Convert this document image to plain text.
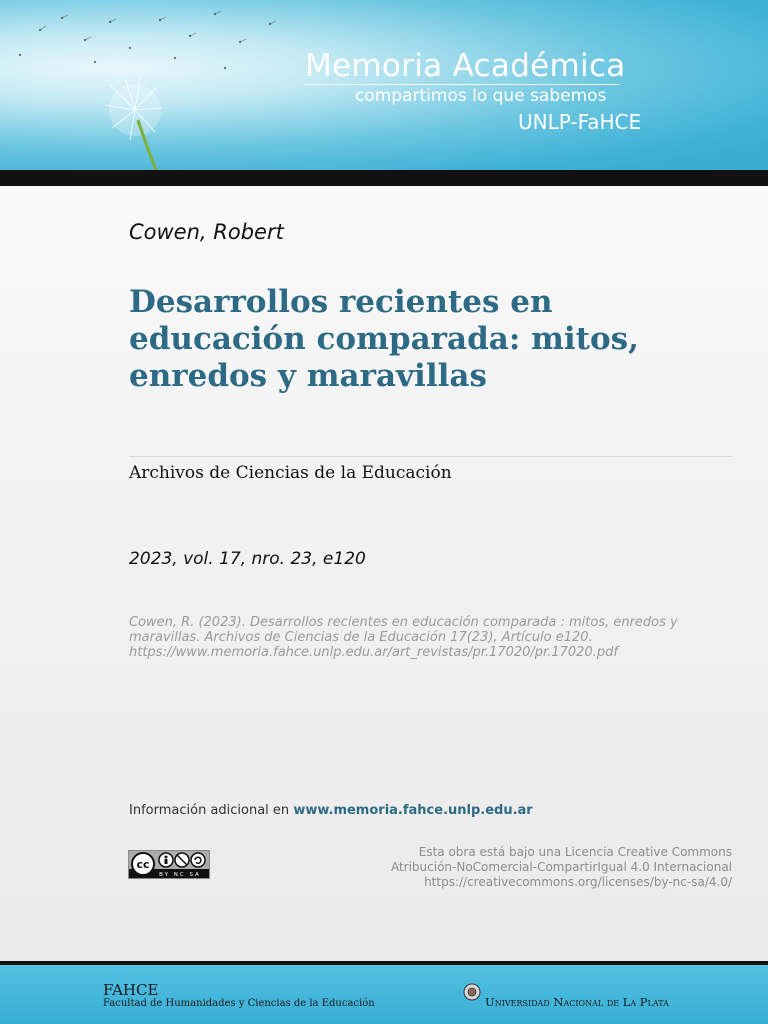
Memoria Académica
compartimos lo que sabemos
UNLP-FaHCE
Cowen, Robert
Desarrollos recientes en educación comparada: mitos, enredos y maravillas
Archivos de Ciencias de la Educación
2023, vol. 17, nro. 23, e120
Cowen, R. (2023). Desarrollos recientes en educación comparada : mitos, enredos y maravillas. Archivos de Ciencias de la Educación 17(23), Artículo e120. https://www.memoria.fahce.unlp.edu.ar/art_revistas/pr.17020/pr.17020.pdf
Información adicional en www.memoria.fahce.unlp.edu.ar
cc
BY NC SA
Esta obra está bajo una Licencia Creative Commons
Atribución-NoComercial-CompartirIgual 4.0 Internacional
https://creativecommons.org/licenses/by-nc-sa/4.0/
FAHCE
Facultad de Humanidades y Ciencias de la Educación	Universidad Nacional de La Plata
